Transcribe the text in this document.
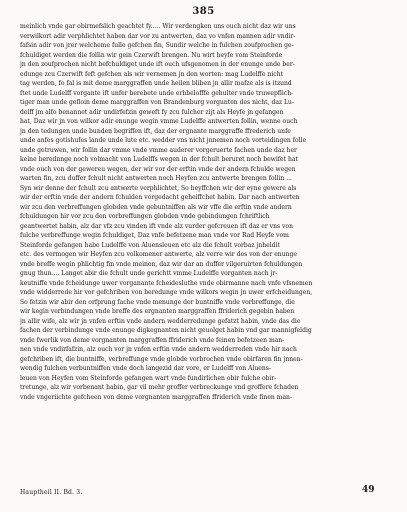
385
meinlich vnde gar obirmefslich geachtet fy..... Wir verdengken uns ouch nicht daz wir uns
verwilkort adir verphlichtet haben dar vor zu antwerten, daz vo vnfen mannen adir vndir-
fafsin adir von jrer welcheme fulle gefchen fin, Sundir welche in fulchen zoufprochen ge-
fchuldiget werden die follin wir gein Czerwift brengen. Nu wirt heyfe vom Steinforde
jn den zoufprochen nicht befchuldiget unde ift ouch ufsgenomen in der enunge unde ber-
edunge zcu Czerwift feft gefchen als wir vernemen jn den worten: mag Ludelffe nicht
tag werden, fo fal is mit deme marggraffen unde heilen bliben jn allir mafze als is itzund
ftet unde Ludelff vorgante ift unfer berebete unde erbbelofffe gehulter vnde truwepflich-
tiger man unde gefloin deme marggraffen von Brandenburg vorgunten des nicht, daz Lu-
delff jm alfo benannet adir undirfefzin geweft fy zcu fulcher zijt als Heyfe jn gefangen
hat, Daz wir jn von wilkor adir enunge wegin vmme Ludelffe antwerten follin, wenne ouch
jn den tedungen unde bunden begriffen ift, daz der ergnante marggraffe ffrederich unfe
unde anfes gotishufes lande unde lute etc. wedder vns nicht jnnemen noch vorteidingen folle
unde getruwen, wir follin dar vmme vnde vmme auderer vorgeruerte fachen unde daz her
keine berednnge noch volmacht von Ludelffs wegen in der fchult beruret noch bewifet hat
vnde ouch von der gewereu wegen, der wir vor der erftin vnde der andern fchulde wegen
warten fin, zcu duffer fchult nicht antwerten noch Heyfen zcu antwerte brengen follin ...
Syn wir denne der fchult zcu antwerte verphlichtet, So heyffchen wir der eyne gewere als
wir der erftin vnde der andern fchulden vorgedacht geheiffchet habin. Dar nach antwerten
wir zcu den verbreffungen globden vnde gebuntniffen als wir vffe die erftin vnde andern
fchuldungen hir vor zcu den vorbreffungen globden vnde gebindungen fchriftlich
geantwertet habin, alz dar vfz zcu vinden ift vnde alz vurder gefcreuen ift daz er vns von
fulche verbreffunge wegin fchuldiget, Daz vnfe befetzene man vnde vor Rad Heyfe vom
Steinforde gefangen habe Ludelffe von Aluensleuen etc alz die fchult vorbaz jnheldit
etc. des vermogen wir Heyfen zcu volkomener antwerte, alz verre wir des von der enunge
vnde breffe wegin phlichtig fin vnde meinen, daz wir dar an duffer vilgeruirten fchuldungen
gnug thun.... Langet abir die fchult unde gerichtt vmme Ludelffe vorganten nach jr-
keutniffe vnde fcheidunge uwer vorganante fcheidesluthe vnde obirmanne nach vnfe vfsnemen
vnde widderrede hir vor gefchriben von beredunge vnde wilkors wegin jn uwer erfcheidungen,
So fetzin wir abir den orfprung fache vnde menunge der buntniffe vnde vorbreffunge, die
wir kegin verbindungen vnde breffe des ergnanten marggraffen ffriderich gegebin haben
jn allir wife, alz wir jn vnfen erftin vnde andern wedderredunge gefatzt habin, vnde das die
fachen der verbindunge vnde enunge digkegnanten nicht geuolget habin vnd gar mannigfeldig
vnde fwerlik von deme vorgnanten marggraffen ffriderich vnde feinen befetzeen man-
nen vnde vndirfafzin, alz ouch vor jn vnfen erftin vnde andern wedderreden vnde hir nach
gefchriben ift, die buntniffe, verbreffunge vnde globde vorbrochen vnde obirfaren fin jnnen-
wendig fulchen verbuntniffen vnde doch langezid dar vore, er Ludelff von Aluens-
leuen von Heyfen vom Steinforde gefangen wart vnde fundirlichen obir fulche obir-
tretunge, alz wir vorbenant habin, gar vil mehr groffer verbreckunge vnd groffere fchaden
vnde vngeriichte gefcheen von deme vorgnanten marggraffen ffriderich vnde finen man-
Hauptheil II. Bd. 3.	49
